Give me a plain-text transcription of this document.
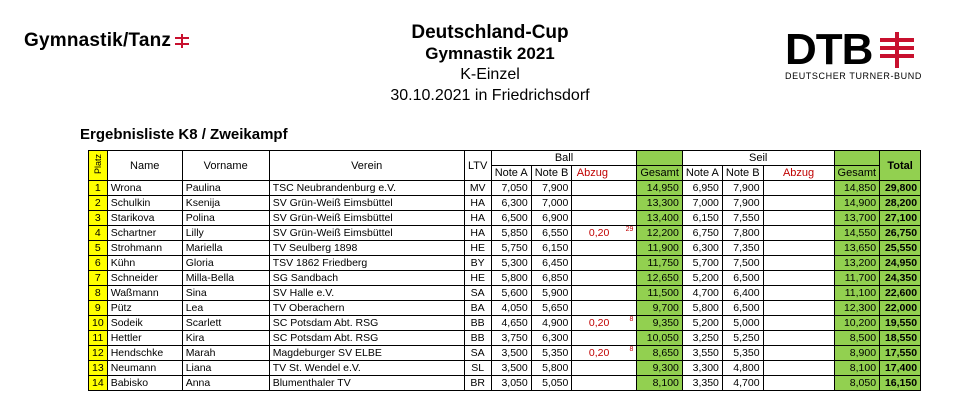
Gymnastik/Tanz	Deutschland-Cup
Gymnastik 2021
K-Einzel
30.10.2021 in Friedrichsdorf
DTB
DEUTSCHER TURNER-BUND
Ergebnisliste K8 / Zweikampf
Platz	Name	Vorname	Verein	LTV	Ball					Seil				Total
					Note A	Note B	Abzug		Gesamt	Note A	Note B	Abzug	Gesamt	
1	Wrona	Paulina	TSC Neubrandenburg e.V.	MV	7,050	7,900			14,950	6,950	7,900		14,850	29,800
2	Schulkin	Ksenija	SV Grün-Weiß Eimsbüttel	HA	6,300	7,000			13,300	7,000	7,900		14,900	28,200
3	Starikova	Polina	SV Grün-Weiß Eimsbüttel	HA	6,500	6,900			13,400	6,150	7,550		13,700	27,100
4	Schartner	Lilly	SV Grün-Weiß Eimsbüttel	HA	5,850	6,550	0,20	29	12,200	6,750	7,800		14,550	26,750
5	Strohmann	Mariella	TV Seulberg 1898	HE	5,750	6,150			11,900	6,300	7,350		13,650	25,550
6	Kühn	Gloria	TSV 1862 Friedberg	BY	5,300	6,450			11,750	5,700	7,500		13,200	24,950
7	Schneider	Milla-Bella	SG Sandbach	HE	5,800	6,850			12,650	5,200	6,500		11,700	24,350
8	Waßmann	Sina	SV Halle e.V.	SA	5,600	5,900			11,500	4,700	6,400		11,100	22,600
9	Pütz	Lea	TV Oberachern	BA	4,050	5,650			9,700	5,800	6,500		12,300	22,000
10	Sodeik	Scarlett	SC Potsdam Abt. RSG	BB	4,650	4,900	0,20	8	9,350	5,200	5,000		10,200	19,550
11	Hettler	Kira	SC Potsdam Abt. RSG	BB	3,750	6,300			10,050	3,250	5,250		8,500	18,550
12	Hendschke	Marah	Magdeburger SV ELBE	SA	3,500	5,350	0,20	8	8,650	3,550	5,350		8,900	17,550
13	Neumann	Liana	TV St. Wendel e.V.	SL	3,500	5,800			9,300	3,300	4,800		8,100	17,400
14	Babisko	Anna	Blumenthaler TV	BR	3,050	5,050			8,100	3,350	4,700		8,050	16,150
